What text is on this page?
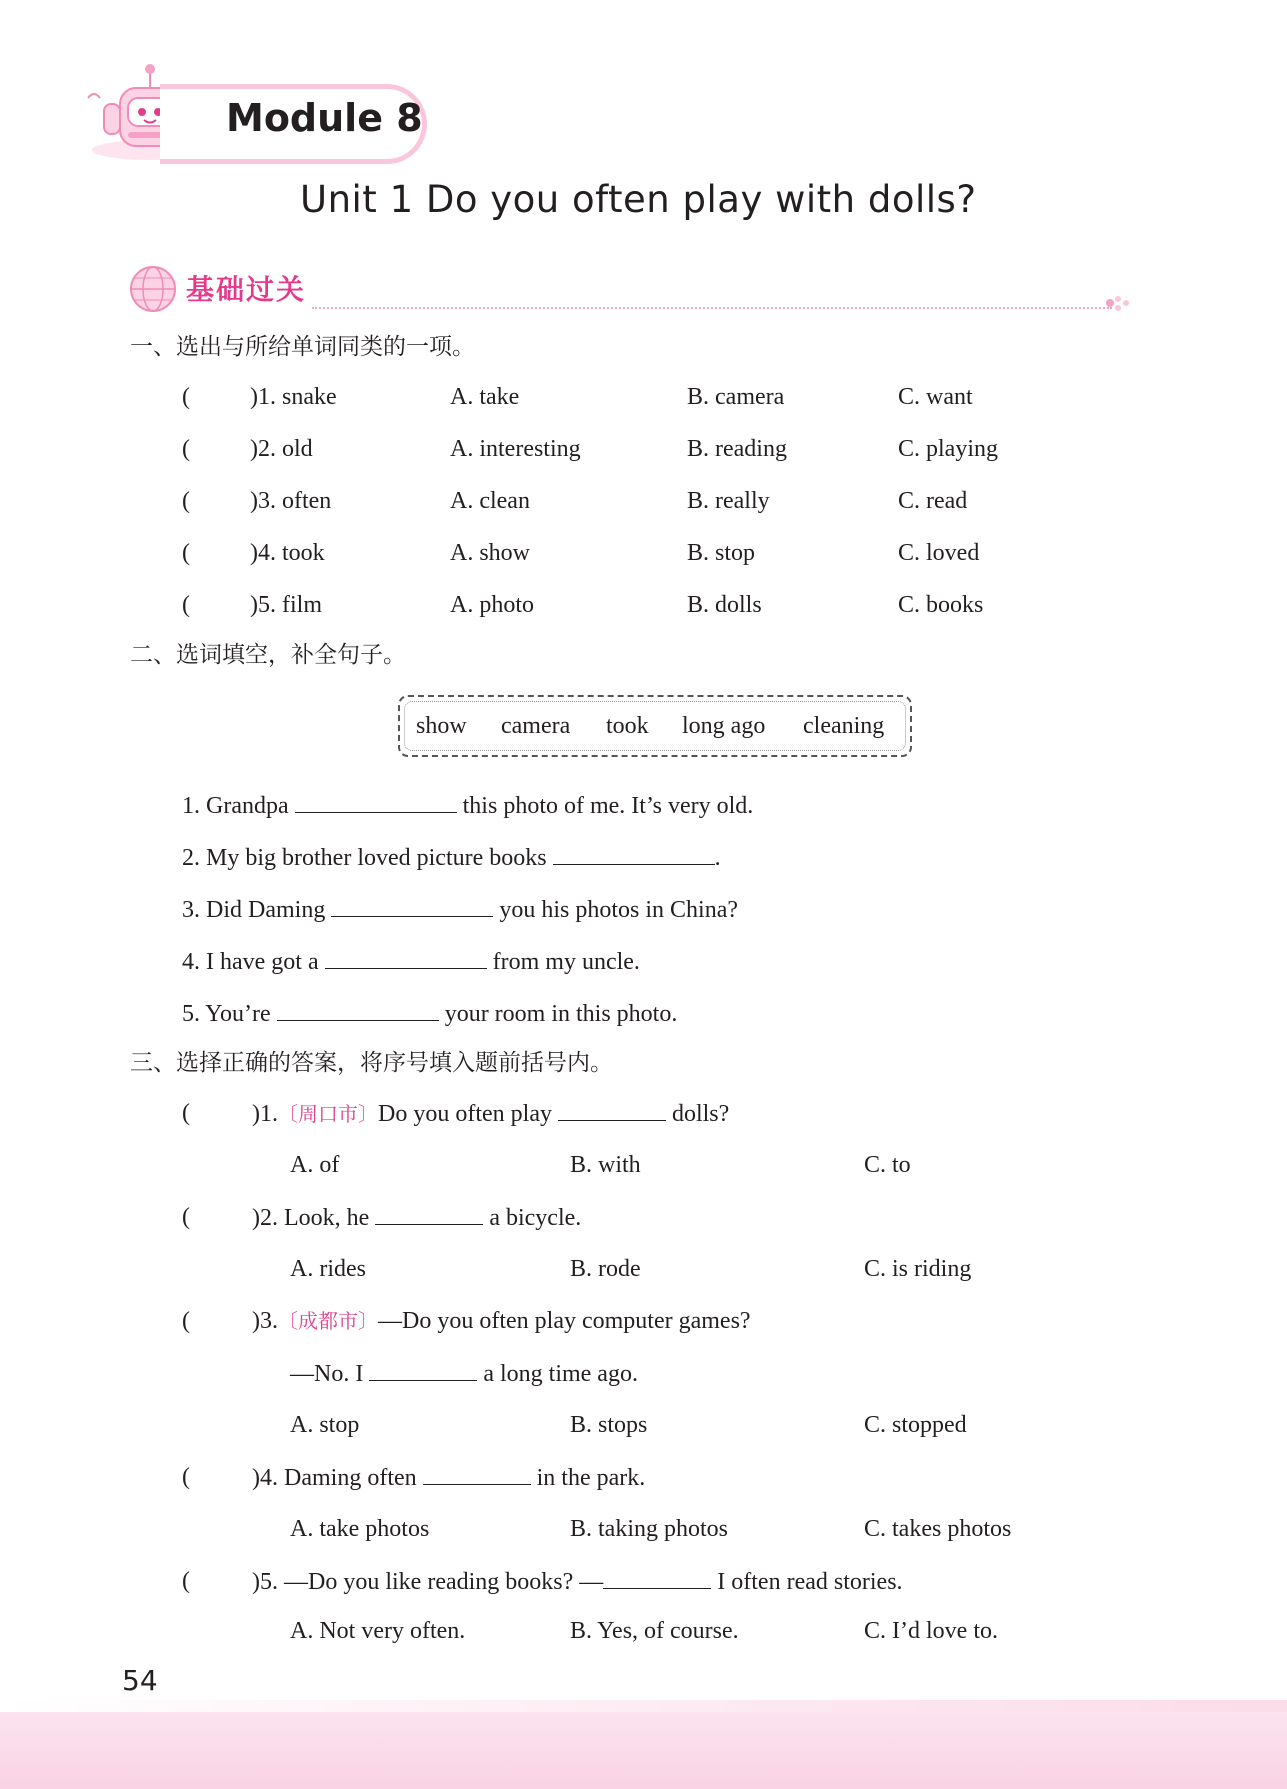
Module 8
Unit 1 Do you often play with dolls?
基础过关
一、选出与所给单词同类的一项。
(	)1. snake	A. take	B. camera	C. want
(	)2. old	A. interesting	B. reading	C. playing
(	)3. often	A. clean	B. really	C. read
(	)4. took	A. show	B. stop	C. loved
(	)5. film	A. photo	B. dolls	C. books
二、选词填空，补全句子。
show camera took long ago cleaning
1. Grandpa	this photo of me. It’s very old.
2. My big brother loved picture books	.
3. Did Daming	you his photos in China?
4. I have got a	from my uncle.
5. You’re	your room in this photo.
三、选择正确的答案，将序号填入题前括号内。
(	)1.〔周口市〕Do you often play	dolls?
A. of	B. with	C. to
(	)2. Look, he	a bicycle.
A. rides	B. rode	C. is riding
(	)3.〔成都市〕—Do you often play computer games?
—No. I	a long time ago.
A. stop	B. stops	C. stopped
(	)4. Daming often	in the park.
A. take photos	B. taking photos	C. takes photos
(	)5. —Do you like reading books? —	I often read stories.
A. Not very often.	B. Yes, of course.	C. I’d love to.
54
